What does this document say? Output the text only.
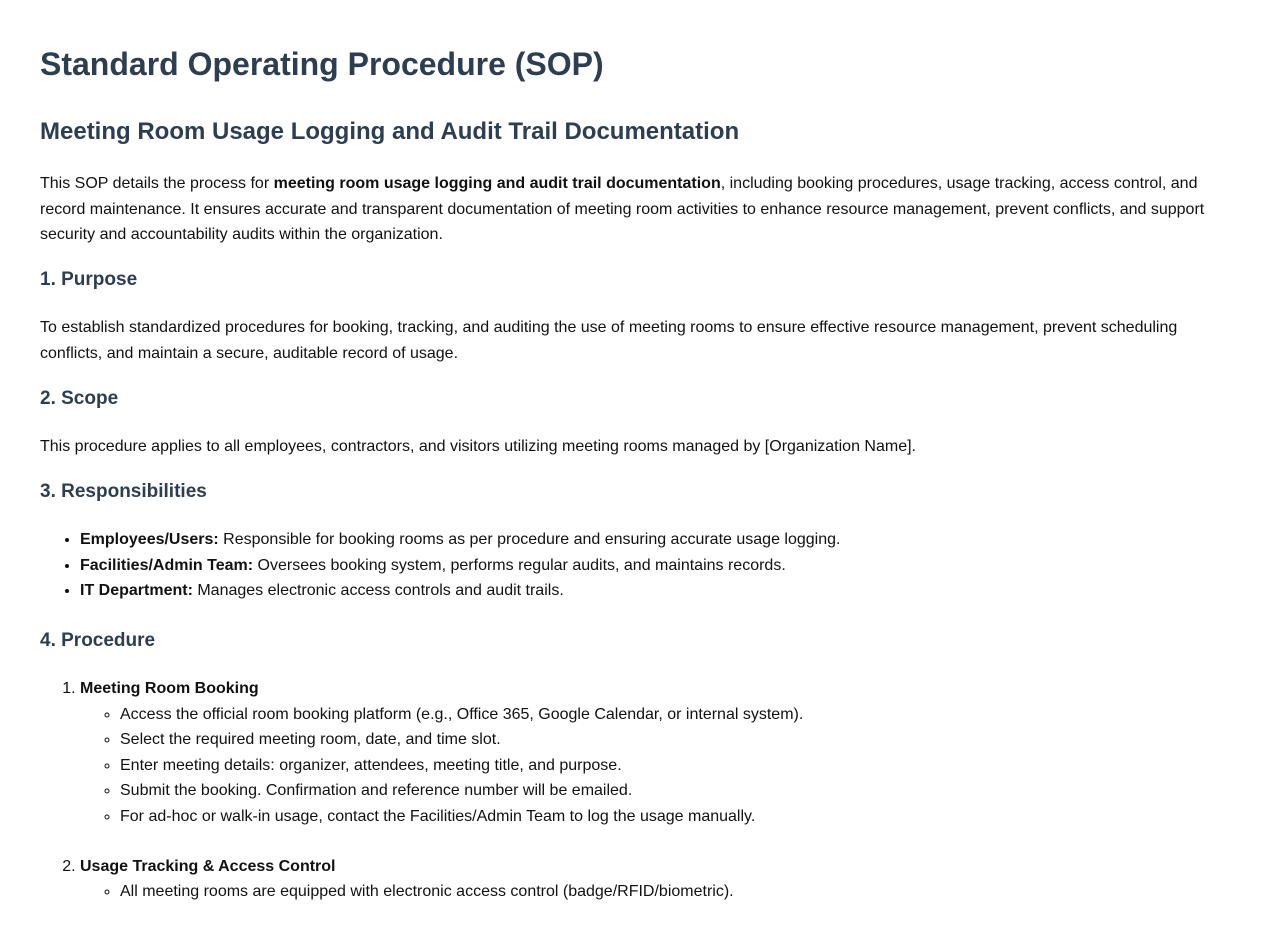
Standard Operating Procedure (SOP)
Meeting Room Usage Logging and Audit Trail Documentation

This SOP details the process for meeting room usage logging and audit trail documentation, including booking procedures, usage tracking, access control, and record maintenance. It ensures accurate and transparent documentation of meeting room activities to enhance resource management, prevent conflicts, and support security and accountability audits within the organization.

1. Purpose

To establish standardized procedures for booking, tracking, and auditing the use of meeting rooms to ensure effective resource management, prevent scheduling conflicts, and maintain a secure, auditable record of usage.

2. Scope

This procedure applies to all employees, contractors, and visitors utilizing meeting rooms managed by [Organization Name].

3. Responsibilities
• Employees/Users: Responsible for booking rooms as per procedure and ensuring accurate usage logging.
• Facilities/Admin Team: Oversees booking system, performs regular audits, and maintains records.
• IT Department: Manages electronic access controls and audit trails.
4. Procedure
1. Meeting Room Booking
◦ Access the official room booking platform (e.g., Office 365, Google Calendar, or internal system).
◦ Select the required meeting room, date, and time slot.
◦ Enter meeting details: organizer, attendees, meeting title, and purpose.
◦ Submit the booking. Confirmation and reference number will be emailed.
◦ For ad-hoc or walk-in usage, contact the Facilities/Admin Team to log the usage manually.
2. Usage Tracking & Access Control
◦ All meeting rooms are equipped with electronic access control (badge/RFID/biometric).
